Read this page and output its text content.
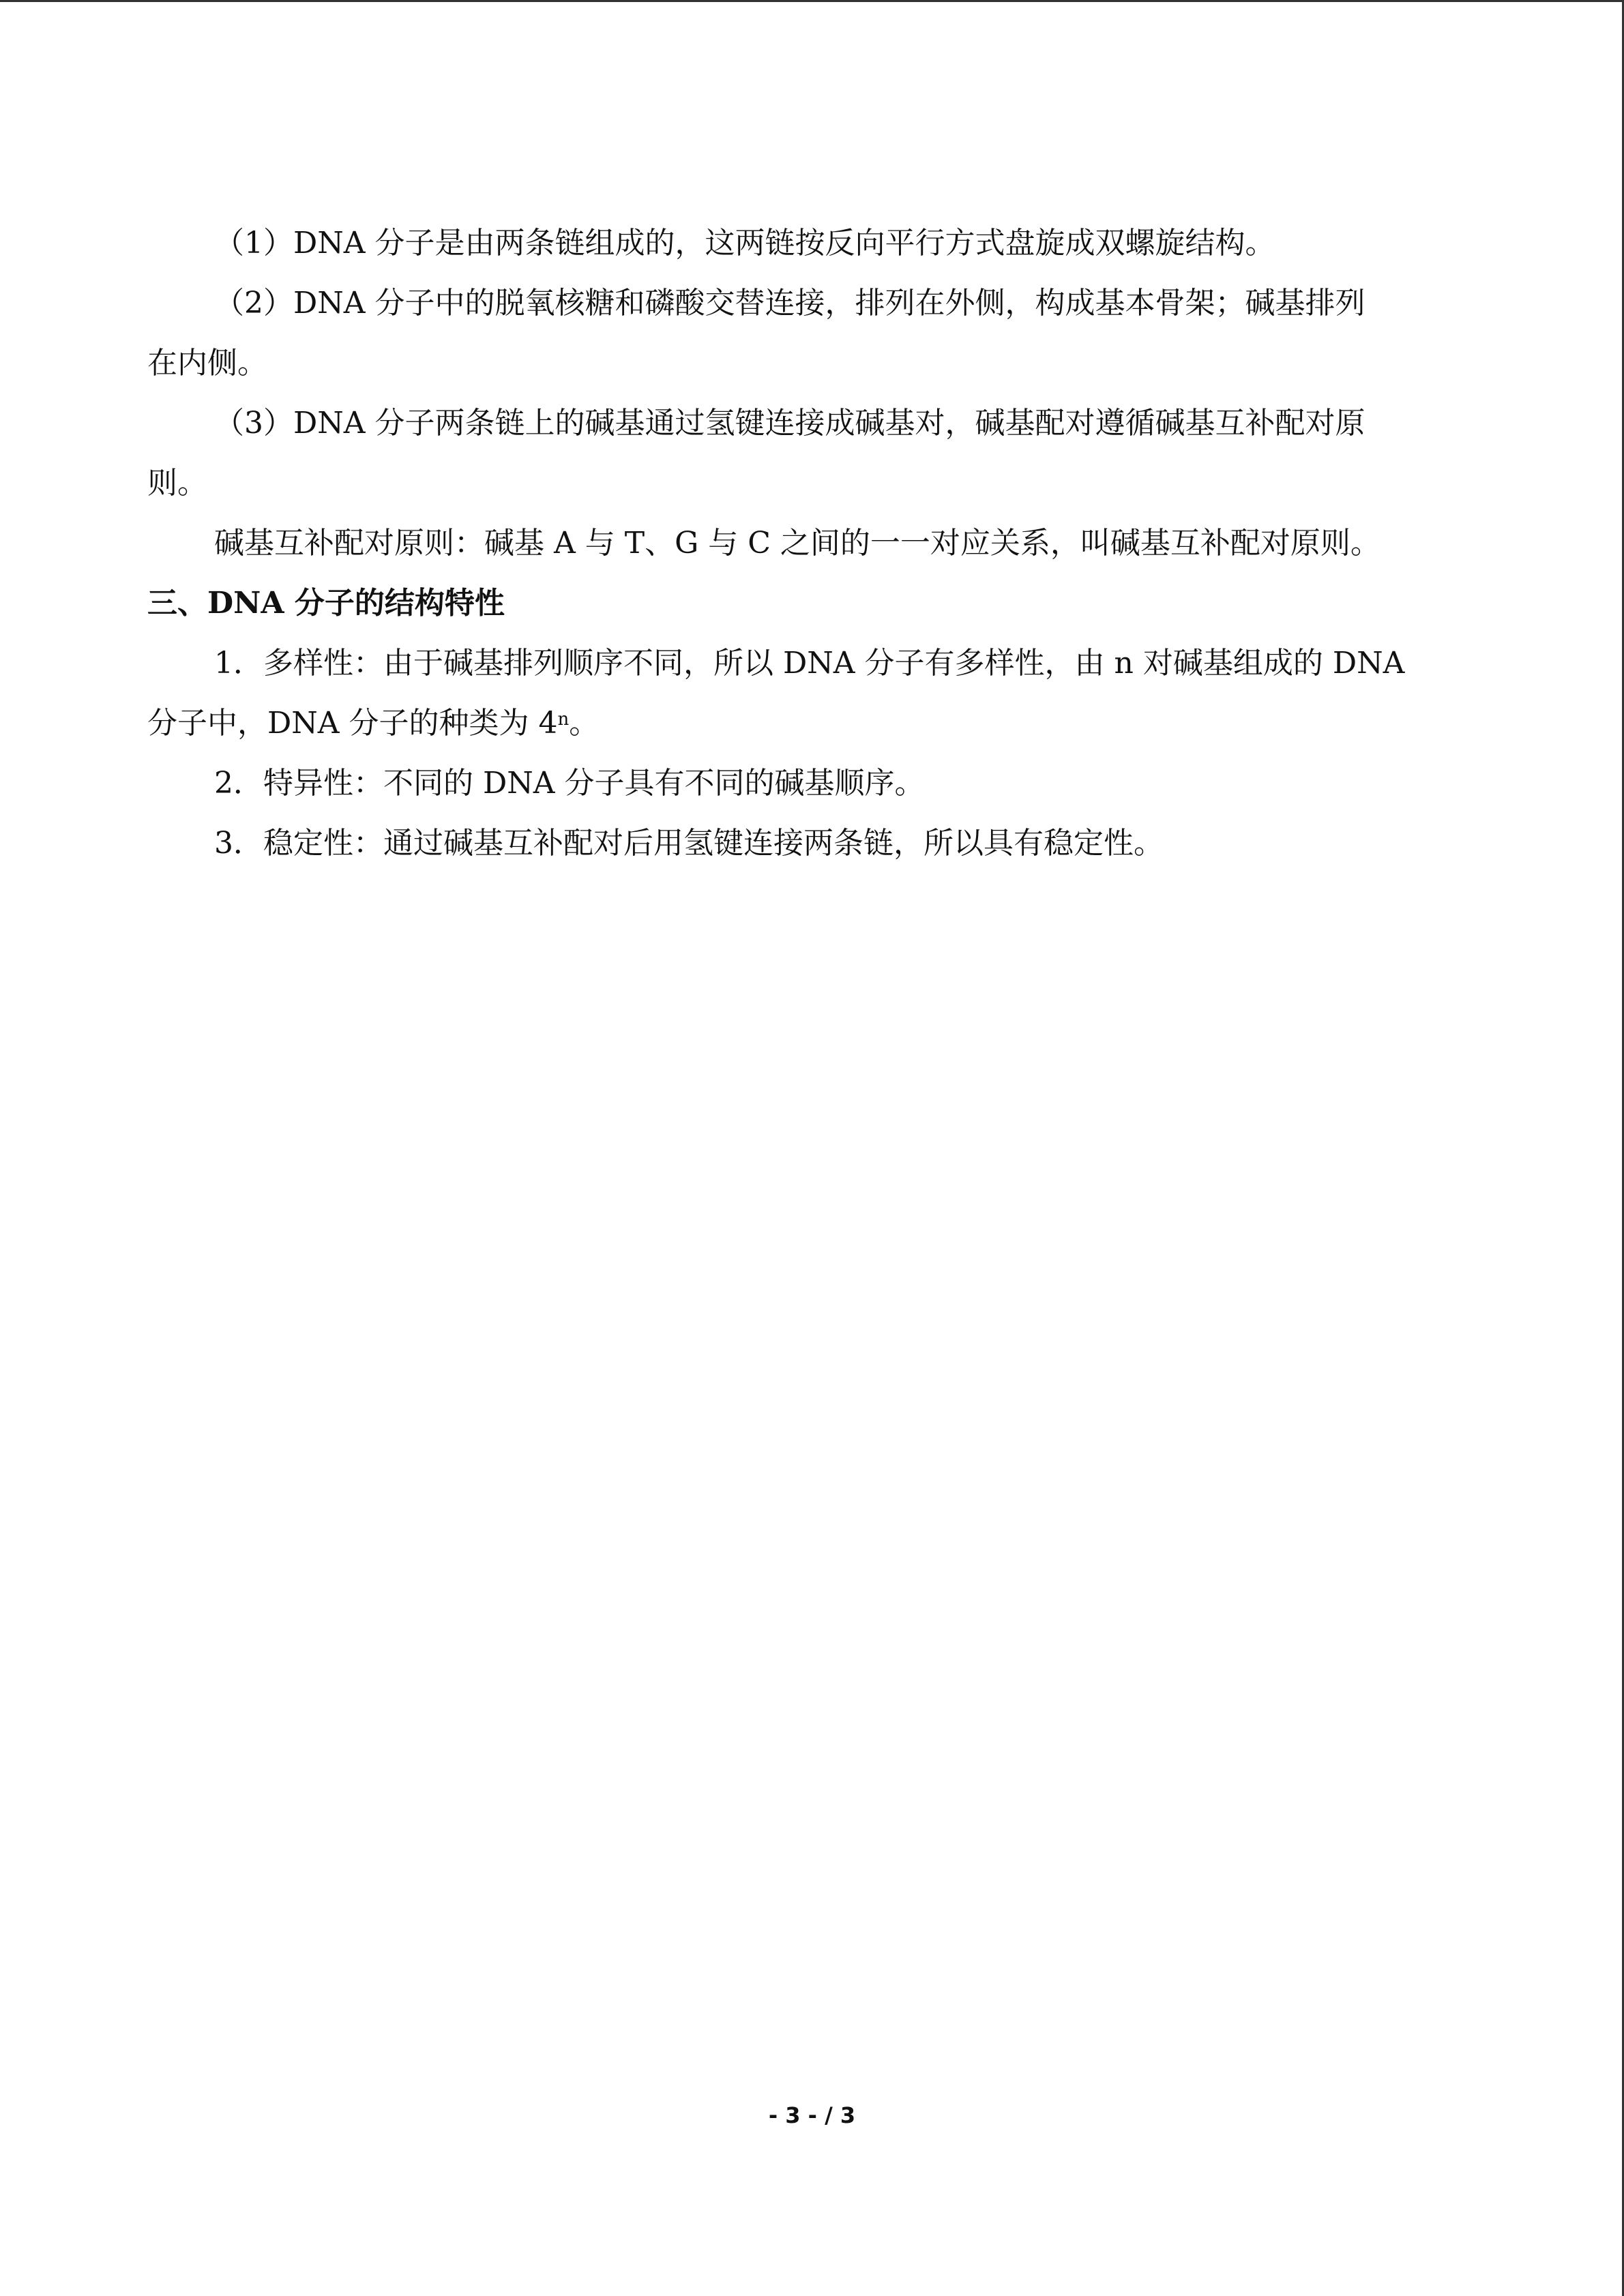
（1）DNA 分子是由两条链组成的，这两链按反向平行方式盘旋成双螺旋结构。
（2）DNA 分子中的脱氧核糖和磷酸交替连接，排列在外侧，构成基本骨架；碱基排列
在内侧。
（3）DNA 分子两条链上的碱基通过氢键连接成碱基对，碱基配对遵循碱基互补配对原
则。
碱基互补配对原则：碱基 A 与 T、G 与 C 之间的一一对应关系，叫碱基互补配对原则。
三、DNA 分子的结构特性
1．多样性：由于碱基排列顺序不同，所以 DNA 分子有多样性，由 n 对碱基组成的 DNA
分子中，DNA 分子的种类为 4$^n$。
2．特异性：不同的 DNA 分子具有不同的碱基顺序。
3．稳定性：通过碱基互补配对后用氢键连接两条链，所以具有稳定性。
- 3 - / 3
